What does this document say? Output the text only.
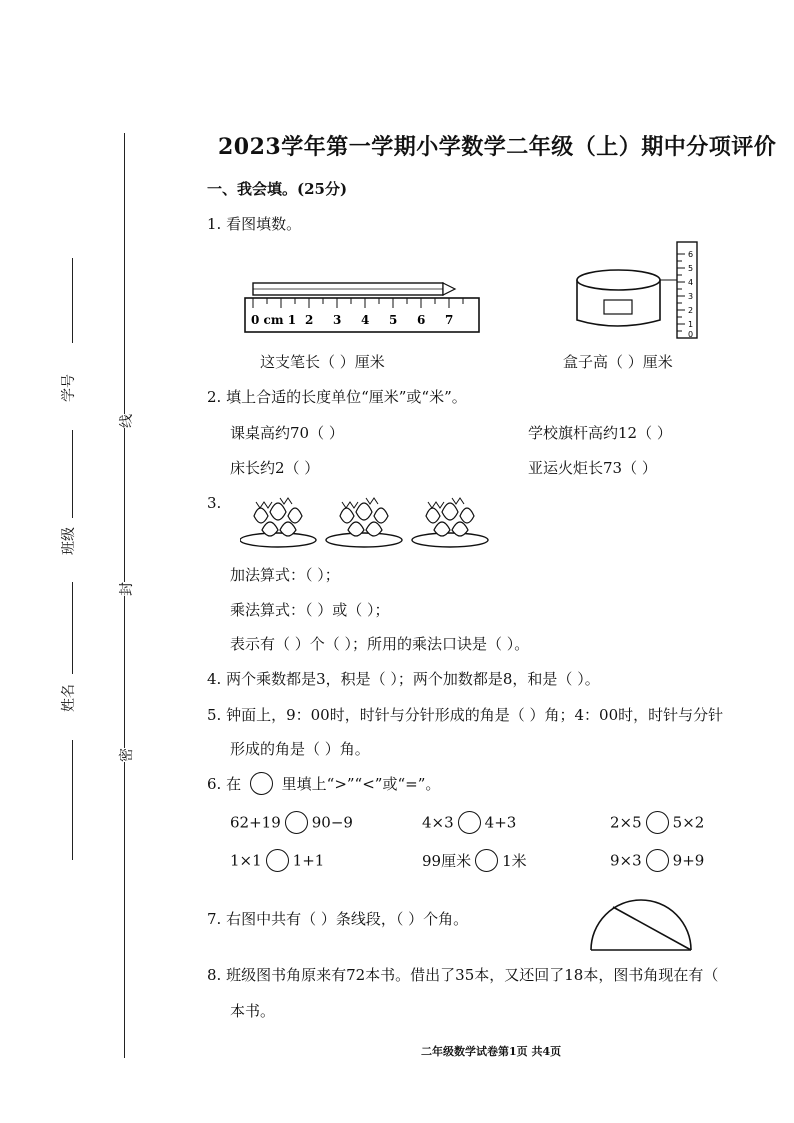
学号
班级
姓名
线
封
密
2023学年第一学期小学数学二年级（上）期中分项评价
一、我会填。(25分)
1. 看图填数。
0 cm 1 2 3 4 5 6 7
6
5
4
3
2
1
0
这支笔长（ ）厘米	盒子高（ ）厘米
2. 填上合适的长度单位“厘米”或“米”。
课桌高约70（ ）	学校旗杆高约12（ ）
床长约2（ ）	亚运火炬长73（ ）
3.
加法算式：（ ）；
乘法算式：（ ）或（ ）；
表示有（ ）个（ ）；所用的乘法口诀是（ ）。
4. 两个乘数都是3，积是（ ）；两个加数都是8，和是（ ）。
5. 钟面上，9：00时，时针与分针形成的角是（ ）角；4：00时，时针与分针
形成的角是（ ）角。
6. 在	里填上“>”“<”或“=”。
62+19 90−9	4×3 4+3	2×5 5×2
1×1 1+1	99厘米 1米	9×3 9+9
7. 右图中共有（ ）条线段，（ ）个角。
8. 班级图书角原来有72本书。借出了35本，又还回了18本，图书角现在有（
本书。
二年级数学试卷第1页 共4页
